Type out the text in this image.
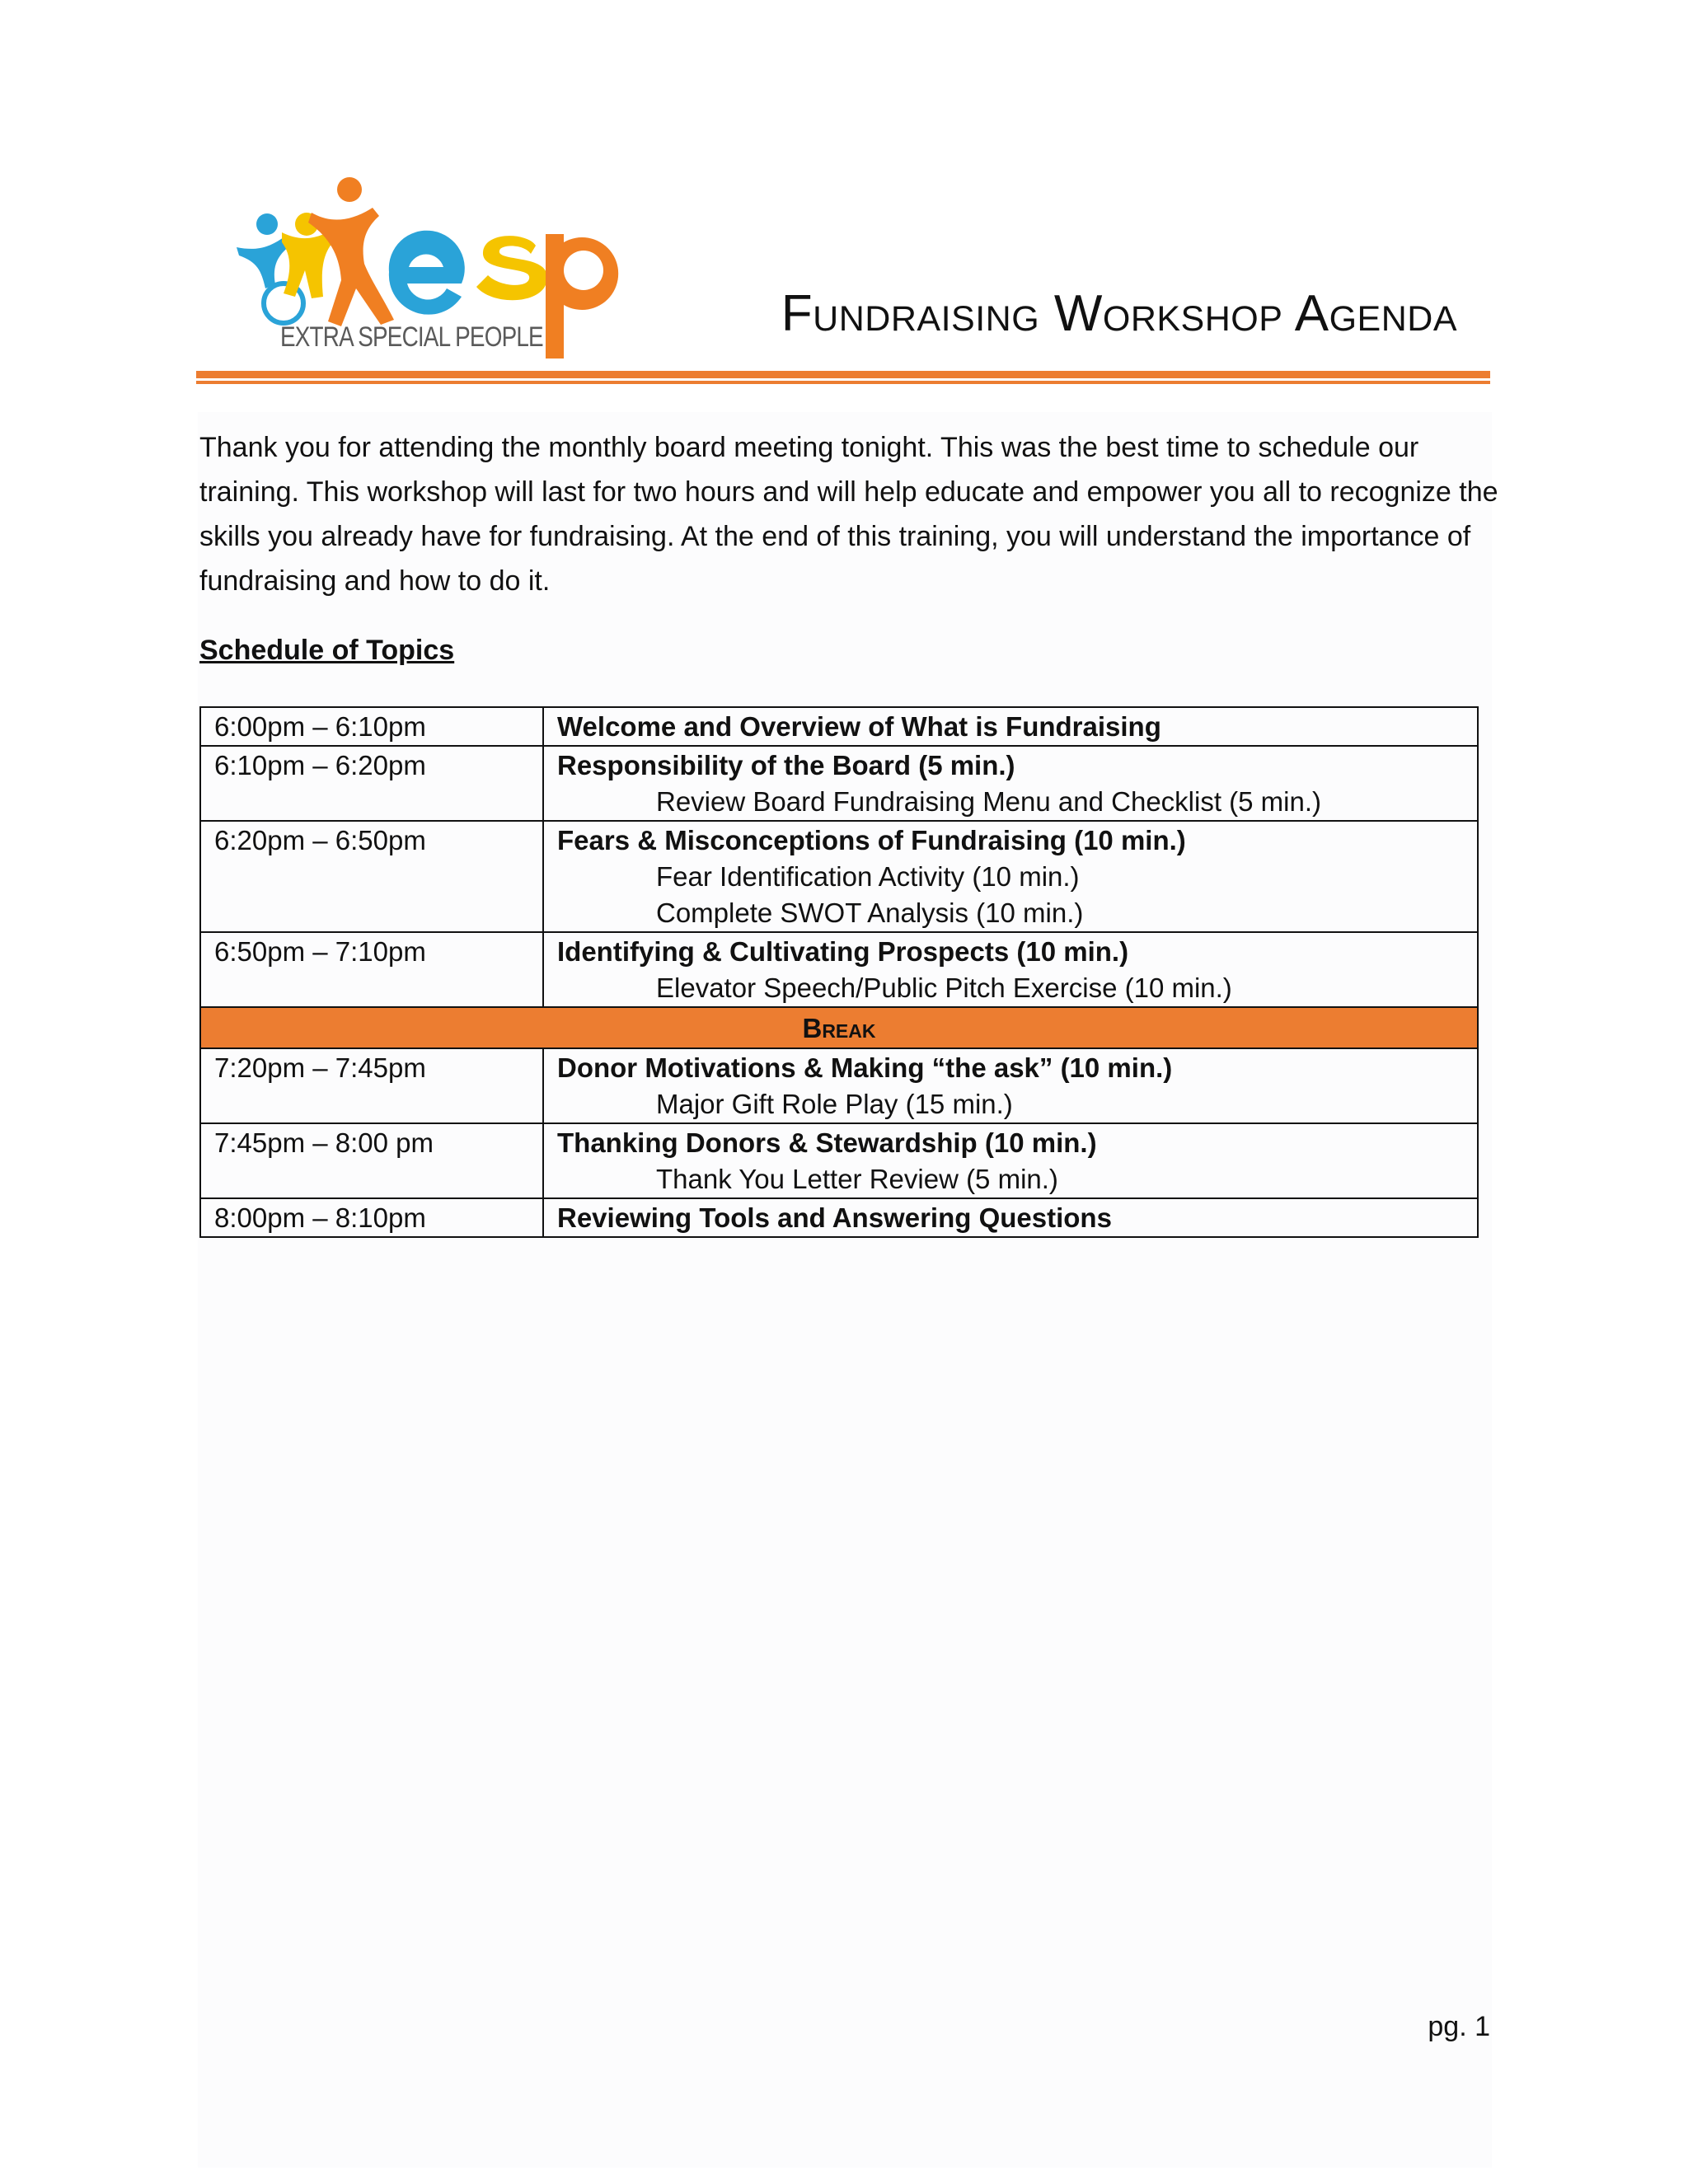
EXTRA SPECIAL PEOPLE	Fundraising Workshop Agenda

Thank you for attending the monthly board meeting tonight. This was the best time to schedule our training. This workshop will last for two hours and will help educate and empower you all to recognize the skills you already have for fundraising. At the end of this training, you will understand the importance of fundraising and how to do it.

Schedule of Topics
6:00pm – 6:10pm	Welcome and Overview of What is Fundraising

6:10pm – 6:20pm	Responsibility of the Board (5 min.)
Review Board Fundraising Menu and Checklist (5 min.)

6:20pm – 6:50pm	Fears & Misconceptions of Fundraising (10 min.)
Fear Identification Activity (10 min.)
Complete SWOT Analysis (10 min.)

6:50pm – 7:10pm	Identifying & Cultivating Prospects (10 min.)
Elevator Speech/Public Pitch Exercise (10 min.)

Break	
7:20pm – 7:45pm	Donor Motivations & Making “the ask” (10 min.)
Major Gift Role Play (15 min.)

7:45pm – 8:00 pm	Thanking Donors & Stewardship (10 min.)
Thank You Letter Review (5 min.)

8:00pm – 8:10pm	Reviewing Tools and Answering Questions
pg. 1
